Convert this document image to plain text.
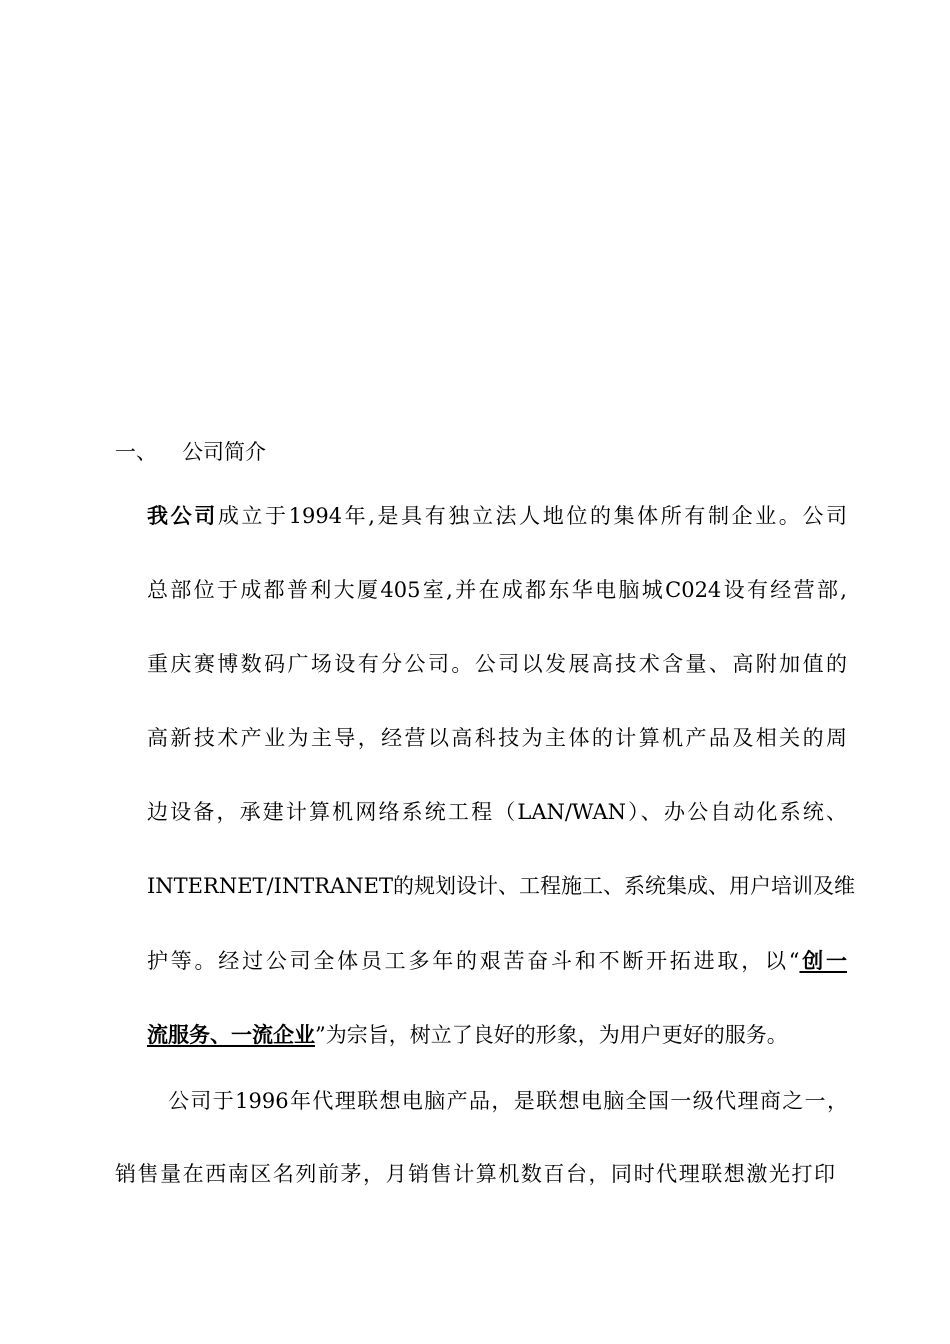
一、 公司简介
我公司成立于1994年,是具有独立法人地位的集体所有制企业。公司
总部位于成都普利大厦405室,并在成都东华电脑城C024设有经营部,
重庆赛博数码广场设有分公司。公司以发展高技术含量、高附加值的
高新技术产业为主导，经营以高科技为主体的计算机产品及相关的周
边设备，承建计算机网络系统工程（LAN/WAN）、办公自动化系统、
INTERNET/INTRANET的规划设计、工程施工、系统集成、用户培训及维
护等。经过公司全体员工多年的艰苦奋斗和不断开拓进取，以“创一
流服务、一流企业”为宗旨，树立了良好的形象，为用户更好的服务。
公司于1996年代理联想电脑产品，是联想电脑全国一级代理商之一，
销售量在西南区名列前茅，月销售计算机数百台，同时代理联想激光打印
